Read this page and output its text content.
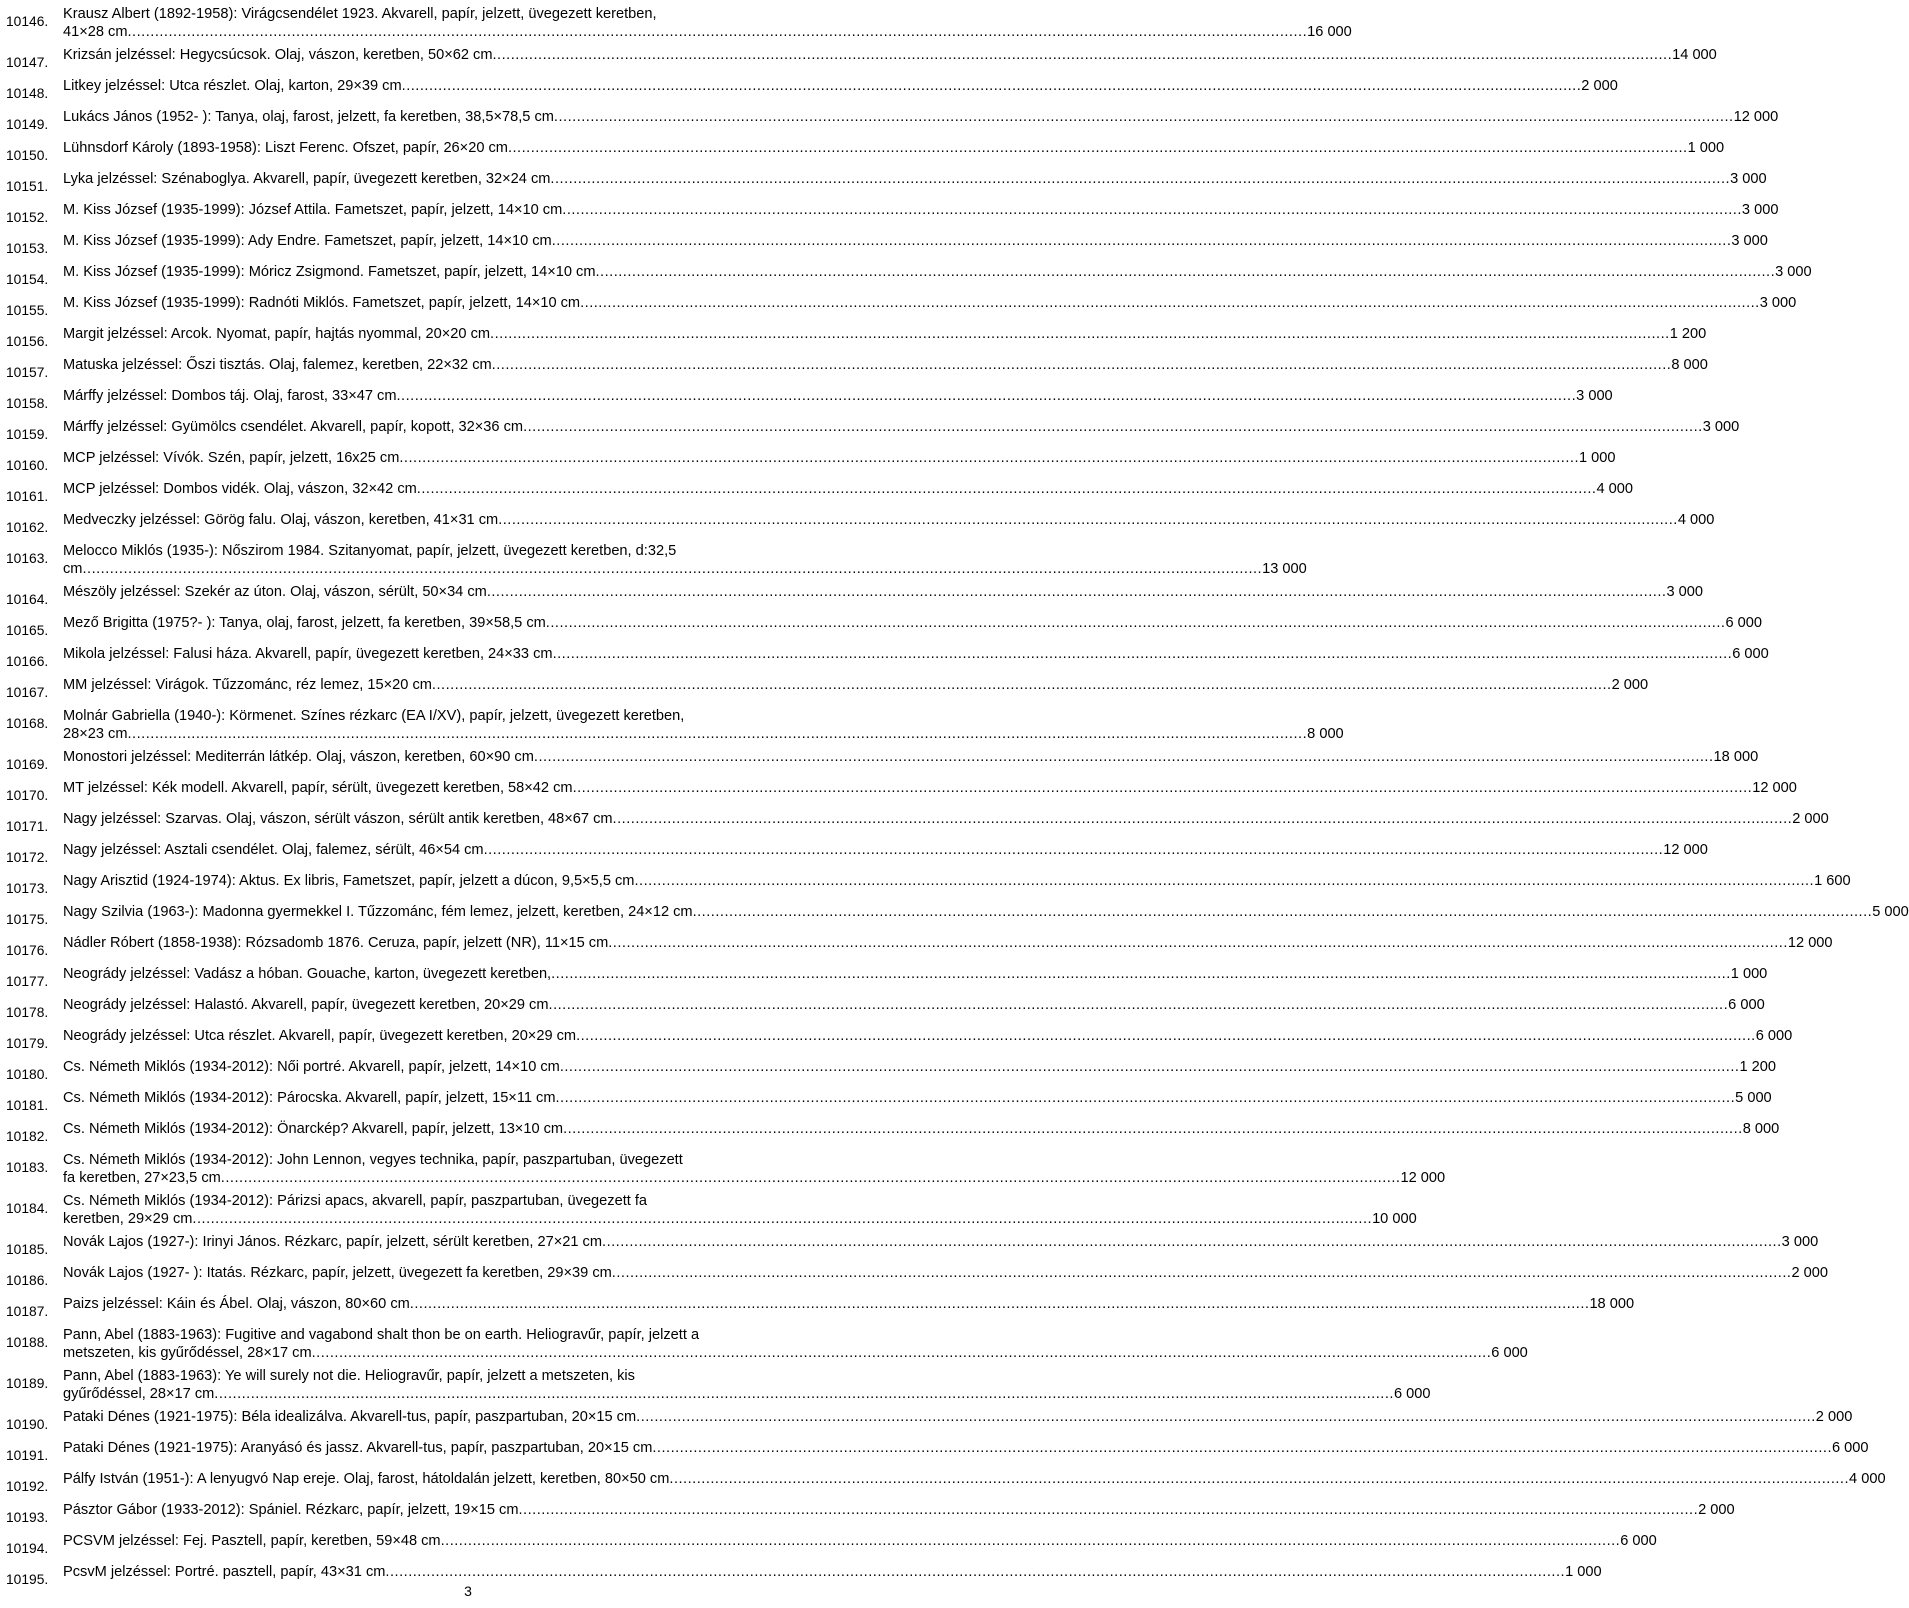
10146.	Krausz Albert (1892-1958): Virágcsendélet 1923. Akvarell, papír, jelzett, üvegezett keretben,
41×28 cm .....	16 000
10147.	Krizsán jelzéssel: Hegycsúcsok. Olaj, vászon, keretben, 50×62 cm .....	14 000
10148.	Litkey jelzéssel: Utca részlet. Olaj, karton, 29×39 cm .....	2 000
10149.	Lukács János (1952- ): Tanya, olaj, farost, jelzett, fa keretben, 38,5×78,5 cm .....	12 000
10150.	Lühnsdorf Károly (1893-1958): Liszt Ferenc. Ofszet, papír, 26×20 cm .....	1 000
10151.	Lyka jelzéssel: Szénaboglya. Akvarell, papír, üvegezett keretben, 32×24 cm .....	3 000
10152.	M. Kiss József (1935-1999): József Attila. Fametszet, papír, jelzett, 14×10 cm .....	3 000
10153.	M. Kiss József (1935-1999): Ady Endre. Fametszet, papír, jelzett, 14×10 cm .....	3 000
10154.	M. Kiss József (1935-1999): Móricz Zsigmond. Fametszet, papír, jelzett, 14×10 cm .....	3 000
10155.	M. Kiss József (1935-1999): Radnóti Miklós. Fametszet, papír, jelzett, 14×10 cm .....	3 000
10156.	Margit jelzéssel: Arcok. Nyomat, papír, hajtás nyommal, 20×20 cm .....	1 200
10157.	Matuska jelzéssel: Őszi tisztás. Olaj, falemez, keretben, 22×32 cm .....	8 000
10158.	Márffy jelzéssel: Dombos táj. Olaj, farost, 33×47 cm .....	3 000
10159.	Márffy jelzéssel: Gyümölcs csendélet. Akvarell, papír, kopott, 32×36 cm .....	3 000
10160.	MCP jelzéssel: Vívók. Szén, papír, jelzett, 16x25 cm .....	1 000
10161.	MCP jelzéssel: Dombos vidék. Olaj, vászon, 32×42 cm .....	4 000
10162.	Medveczky jelzéssel: Görög falu. Olaj, vászon, keretben, 41×31 cm .....	4 000
10163.	Melocco Miklós (1935-): Nőszirom 1984. Szitanyomat, papír, jelzett, üvegezett keretben, d:32,5
cm .....	13 000
10164.	Mészöly jelzéssel: Szekér az úton. Olaj, vászon, sérült, 50×34 cm .....	3 000
10165.	Mező Brigitta (1975?- ): Tanya, olaj, farost, jelzett, fa keretben, 39×58,5 cm .....	6 000
10166.	Mikola jelzéssel: Falusi háza. Akvarell, papír, üvegezett keretben, 24×33 cm .....	6 000
10167.	MM jelzéssel: Virágok. Tűzzománc, réz lemez, 15×20 cm .....	2 000
10168.	Molnár Gabriella (1940-): Körmenet. Színes rézkarc (EA I/XV), papír, jelzett, üvegezett keretben,
28×23 cm .....	8 000
10169.	Monostori jelzéssel: Mediterrán látkép. Olaj, vászon, keretben, 60×90 cm .....	18 000
10170.	MT jelzéssel: Kék modell. Akvarell, papír, sérült, üvegezett keretben, 58×42 cm .....	12 000
10171.	Nagy jelzéssel: Szarvas. Olaj, vászon, sérült vászon, sérült antik keretben, 48×67 cm .....	2 000
10172.	Nagy jelzéssel: Asztali csendélet. Olaj, falemez, sérült, 46×54 cm .....	12 000
10173.	Nagy Arisztid (1924-1974): Aktus. Ex libris, Fametszet, papír, jelzett a dúcon, 9,5×5,5 cm .....	1 600
10175.	Nagy Szilvia (1963-): Madonna gyermekkel I. Tűzzománc, fém lemez, jelzett, keretben, 24×12 cm .....	5 000
10176.	Nádler Róbert (1858-1938): Rózsadomb 1876. Ceruza, papír, jelzett (NR), 11×15 cm .....	12 000
10177.	Neogrády jelzéssel: Vadász a hóban. Gouache, karton, üvegezett keretben, .....	1 000
10178.	Neogrády jelzéssel: Halastó. Akvarell, papír, üvegezett keretben, 20×29 cm .....	6 000
10179.	Neogrády jelzéssel: Utca részlet. Akvarell, papír, üvegezett keretben, 20×29 cm .....	6 000
10180.	Cs. Németh Miklós (1934-2012): Női portré. Akvarell, papír, jelzett, 14×10 cm .....	1 200
10181.	Cs. Németh Miklós (1934-2012): Párocska. Akvarell, papír, jelzett, 15×11 cm .....	5 000
10182.	Cs. Németh Miklós (1934-2012): Önarckép? Akvarell, papír, jelzett, 13×10 cm .....	8 000
10183.	Cs. Németh Miklós (1934-2012): John Lennon, vegyes technika, papír, paszpartuban, üvegezett
fa keretben, 27×23,5 cm .....	12 000
10184.	Cs. Németh Miklós (1934-2012): Párizsi apacs, akvarell, papír, paszpartuban, üvegezett fa
keretben, 29×29 cm .....	10 000
10185.	Novák Lajos (1927-): Irinyi János. Rézkarc, papír, jelzett, sérült keretben, 27×21 cm .....	3 000
10186.	Novák Lajos (1927- ): Itatás. Rézkarc, papír, jelzett, üvegezett fa keretben, 29×39 cm .....	2 000
10187.	Paizs jelzéssel: Káin és Ábel. Olaj, vászon, 80×60 cm .....	18 000
10188.	Pann, Abel (1883-1963): Fugitive and vagabond shalt thon be on earth. Heliogravűr, papír, jelzett a
metszeten, kis gyűrődéssel, 28×17 cm .....	6 000
10189.	Pann, Abel (1883-1963): Ye will surely not die. Heliogravűr, papír, jelzett a metszeten, kis
gyűrődéssel, 28×17 cm .....	6 000
10190.	Pataki Dénes (1921-1975): Béla idealizálva. Akvarell-tus, papír, paszpartuban, 20×15 cm .....	2 000
10191.	Pataki Dénes (1921-1975): Aranyásó és jassz. Akvarell-tus, papír, paszpartuban, 20×15 cm .....	6 000
10192.	Pálfy István (1951-): A lenyugvó Nap ereje. Olaj, farost, hátoldalán jelzett, keretben, 80×50 cm .....	4 000
10193.	Pásztor Gábor (1933-2012): Spániel. Rézkarc, papír, jelzett, 19×15 cm .....	2 000
10194.	PCSVM jelzéssel: Fej. Pasztell, papír, keretben, 59×48 cm .....	6 000
10195.	PcsvM jelzéssel: Portré. pasztell, papír, 43×31 cm .....	1 000
3
